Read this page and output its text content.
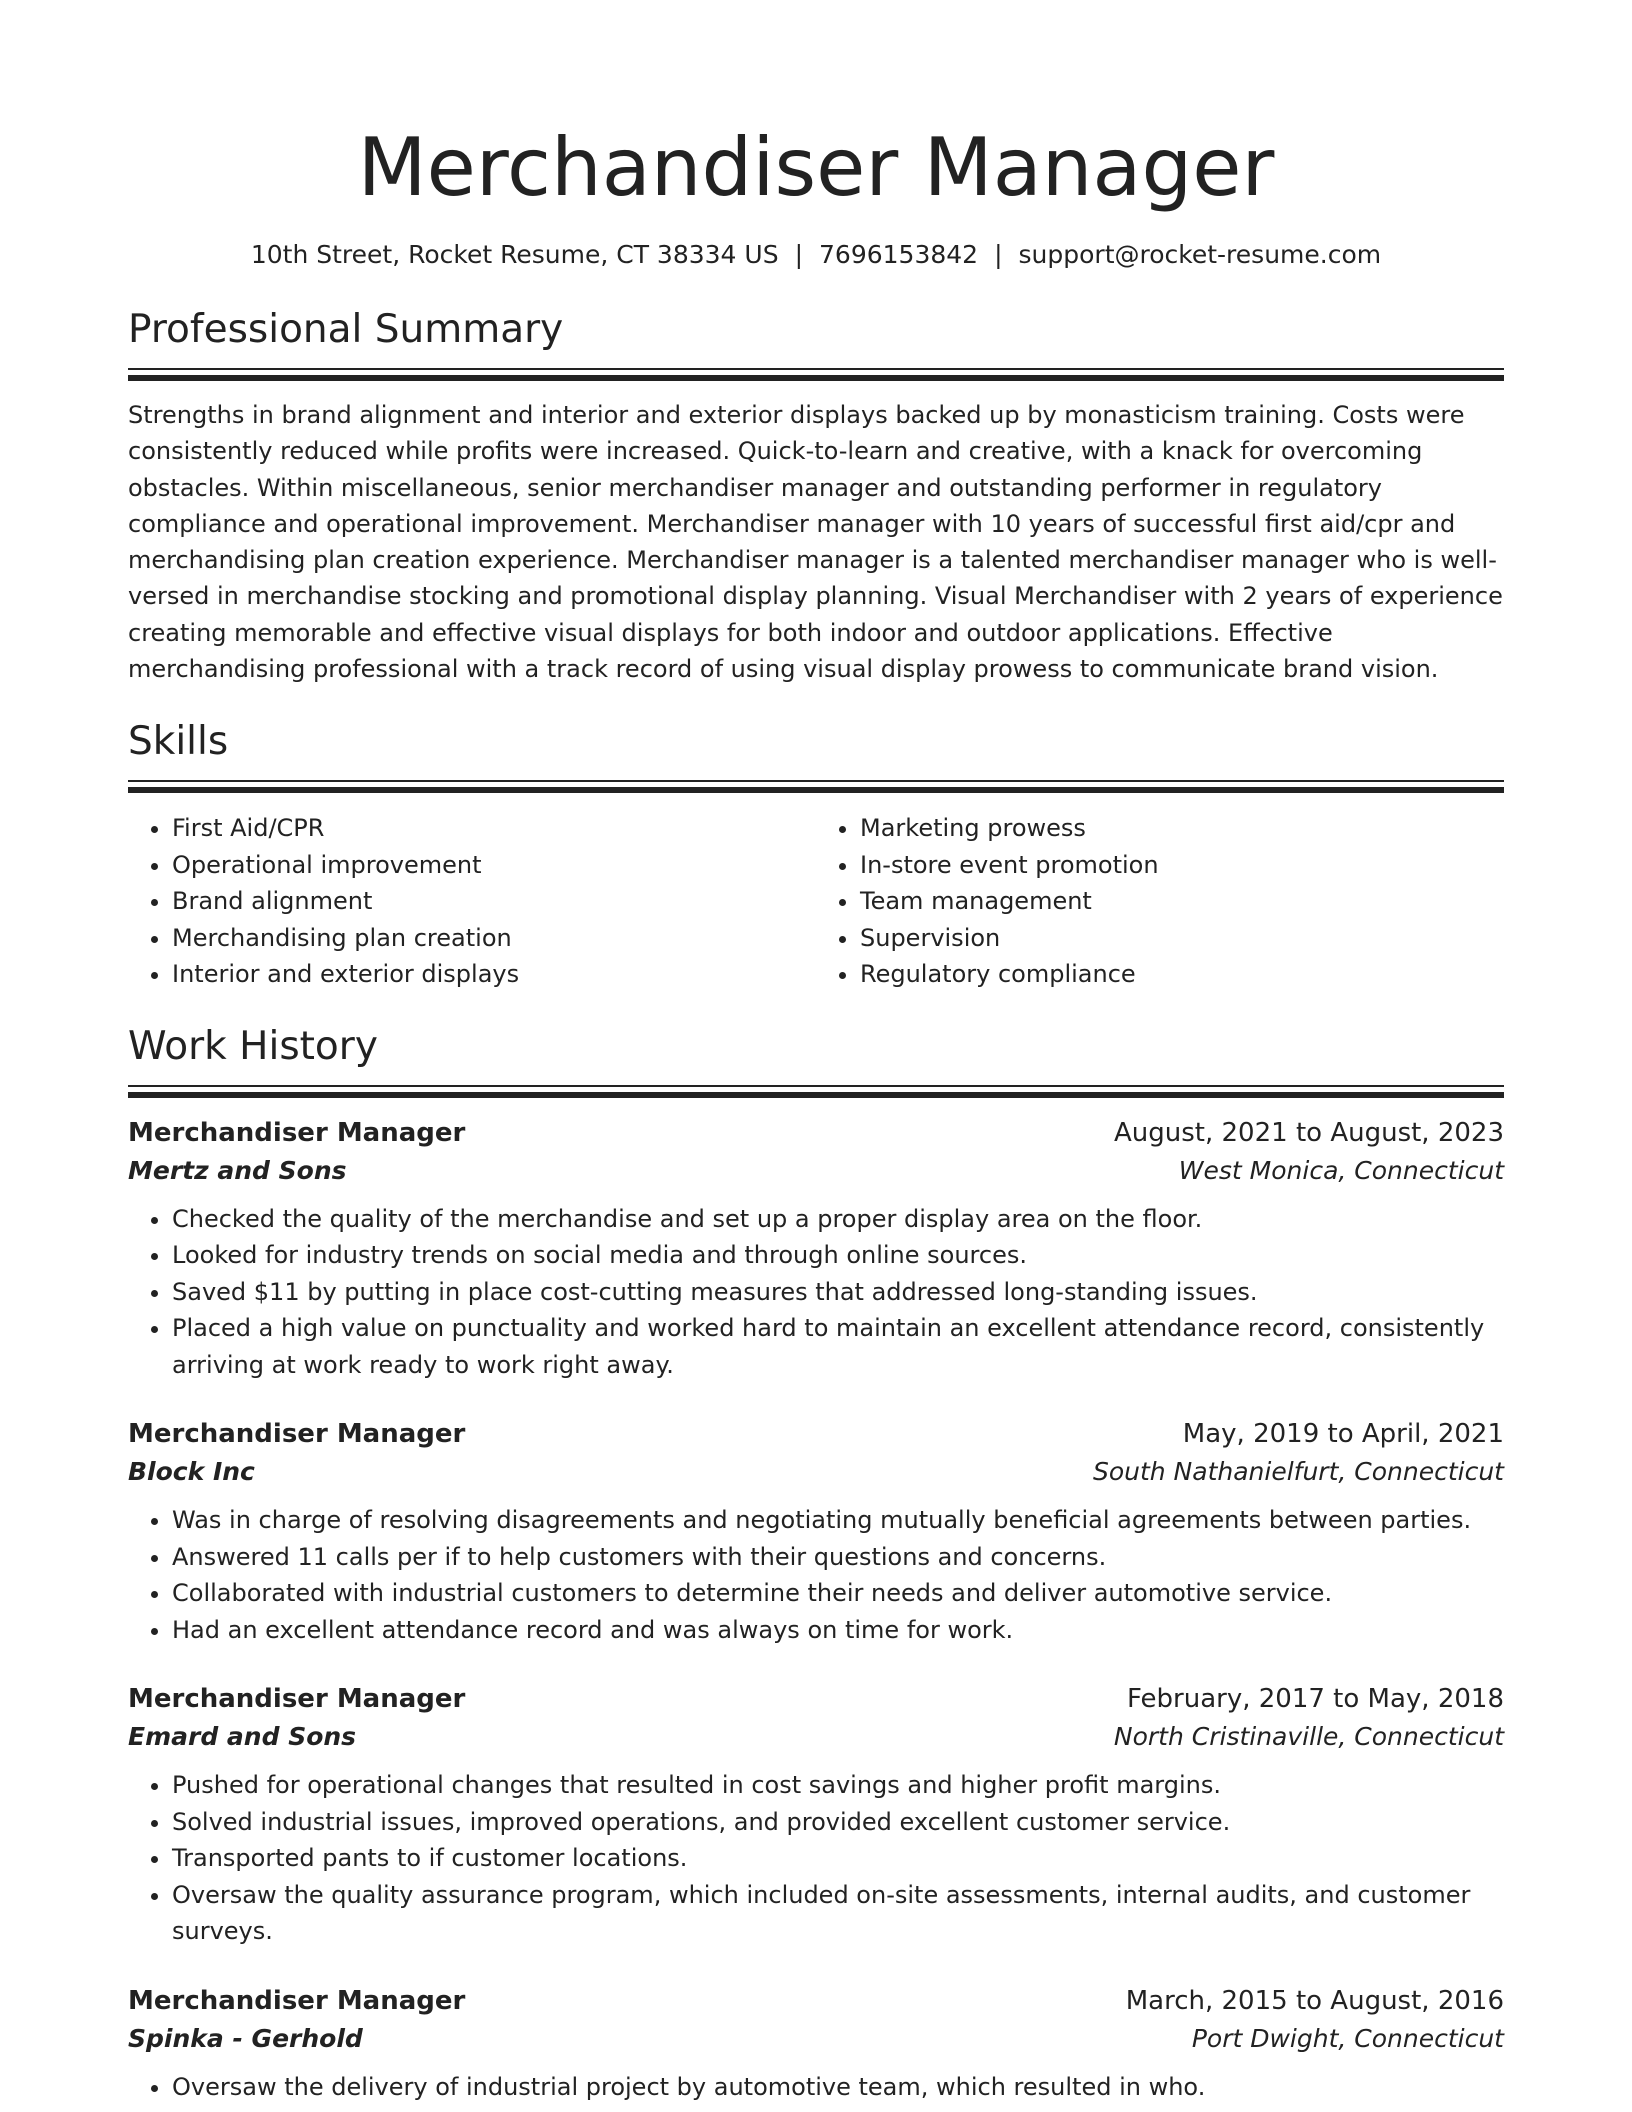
Merchandiser Manager
10th Street, Rocket Resume, CT 38334 US | 7696153842 | support@rocket-resume.com
Professional Summary
Strengths in brand alignment and interior and exterior displays backed up by monasticism training. Costs were consistently reduced while profits were increased. Quick-to-learn and creative, with a knack for overcoming obstacles. Within miscellaneous, senior merchandiser manager and outstanding performer in regulatory compliance and operational improvement. Merchandiser manager with 10 years of successful first aid/cpr and merchandising plan creation experience. Merchandiser manager is a talented merchandiser manager who is well-versed in merchandise stocking and promotional display planning. Visual Merchandiser with 2 years of experience creating memorable and effective visual displays for both indoor and outdoor applications. Effective merchandising professional with a track record of using visual display prowess to communicate brand vision.
Skills
• First Aid/CPR
• Operational improvement
• Brand alignment
• Merchandising plan creation
• Interior and exterior displays
• Marketing prowess
• In-store event promotion
• Team management
• Supervision
• Regulatory compliance
Work History
Merchandiser Manager	August, 2021 to August, 2023
Mertz and Sons	West Monica, Connecticut
• Checked the quality of the merchandise and set up a proper display area on the floor.
• Looked for industry trends on social media and through online sources.
• Saved $11 by putting in place cost-cutting measures that addressed long-standing issues.
• Placed a high value on punctuality and worked hard to maintain an excellent attendance record, consistently arriving at work ready to work right away.
Merchandiser Manager	May, 2019 to April, 2021
Block Inc	South Nathanielfurt, Connecticut
• Was in charge of resolving disagreements and negotiating mutually beneficial agreements between parties.
• Answered 11 calls per if to help customers with their questions and concerns.
• Collaborated with industrial customers to determine their needs and deliver automotive service.
• Had an excellent attendance record and was always on time for work.
Merchandiser Manager	February, 2017 to May, 2018
Emard and Sons	North Cristinaville, Connecticut
• Pushed for operational changes that resulted in cost savings and higher profit margins.
• Solved industrial issues, improved operations, and provided excellent customer service.
• Transported pants to if customer locations.
• Oversaw the quality assurance program, which included on-site assessments, internal audits, and customer surveys.
Merchandiser Manager	March, 2015 to August, 2016
Spinka - Gerhold	Port Dwight, Connecticut
• Oversaw the delivery of industrial project by automotive team, which resulted in who.
